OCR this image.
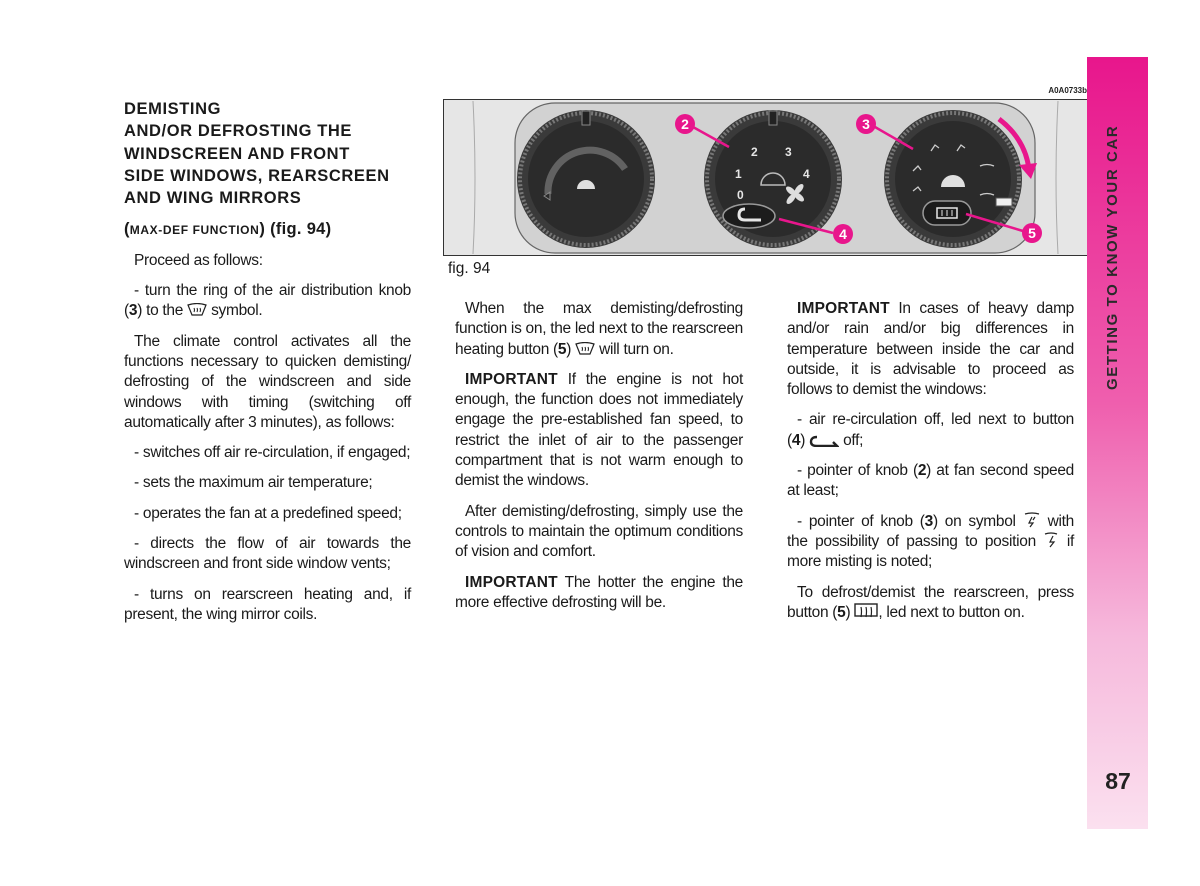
DEMISTING
AND/OR DEFROSTING THE
WINDSCREEN AND FRONT
SIDE WINDOWS, REARSCREEN
AND WING MIRRORS

(MAX-DEF FUNCTION) (fig. 94)

Proceed as follows:

- turn the ring of the air distribution knob (3) to the symbol.

The climate control activates all the functions necessary to quicken demisting/ defrosting of the windscreen and side windows with timing (switching off automatically after 3 minutes), as follows:

- switches off air re-circulation, if engaged;

- sets the maximum air temperature;

- operates the fan at a predefined speed;

- directs the flow of air towards the windscreen and front side window vents;

- turns on rearscreen heating and, if present, the wing mirror coils.

A0A0733b
0
1
2 3
4
2	3
4	5
fig. 94

When the max demisting/defrosting function is on, the led next to the rearscreen heating button (5)  will turn on.

IMPORTANT If the engine is not hot enough, the function does not immediately engage the pre-established fan speed, to restrict the inlet of air to the passenger compartment that is not warm enough to demist the windows.

After demisting/defrosting, simply use the controls to maintain the optimum conditions of vision and comfort.

IMPORTANT The hotter the engine the more effective defrosting will be.

IMPORTANT In cases of heavy damp and/or rain and/or big differences in temperature between inside the car and outside, it is advisable to proceed as follows to demist the windows:

- air re-circulation off, led next to button (4)  off;

- pointer of knob (2) at fan second speed at least;

- pointer of knob (3) on symbol  with the possibility of passing to position  if more misting is noted;

To defrost/demist the rearscreen, press button (5) , led next to button on.

GETTING TO KNOW YOUR CAR
87
